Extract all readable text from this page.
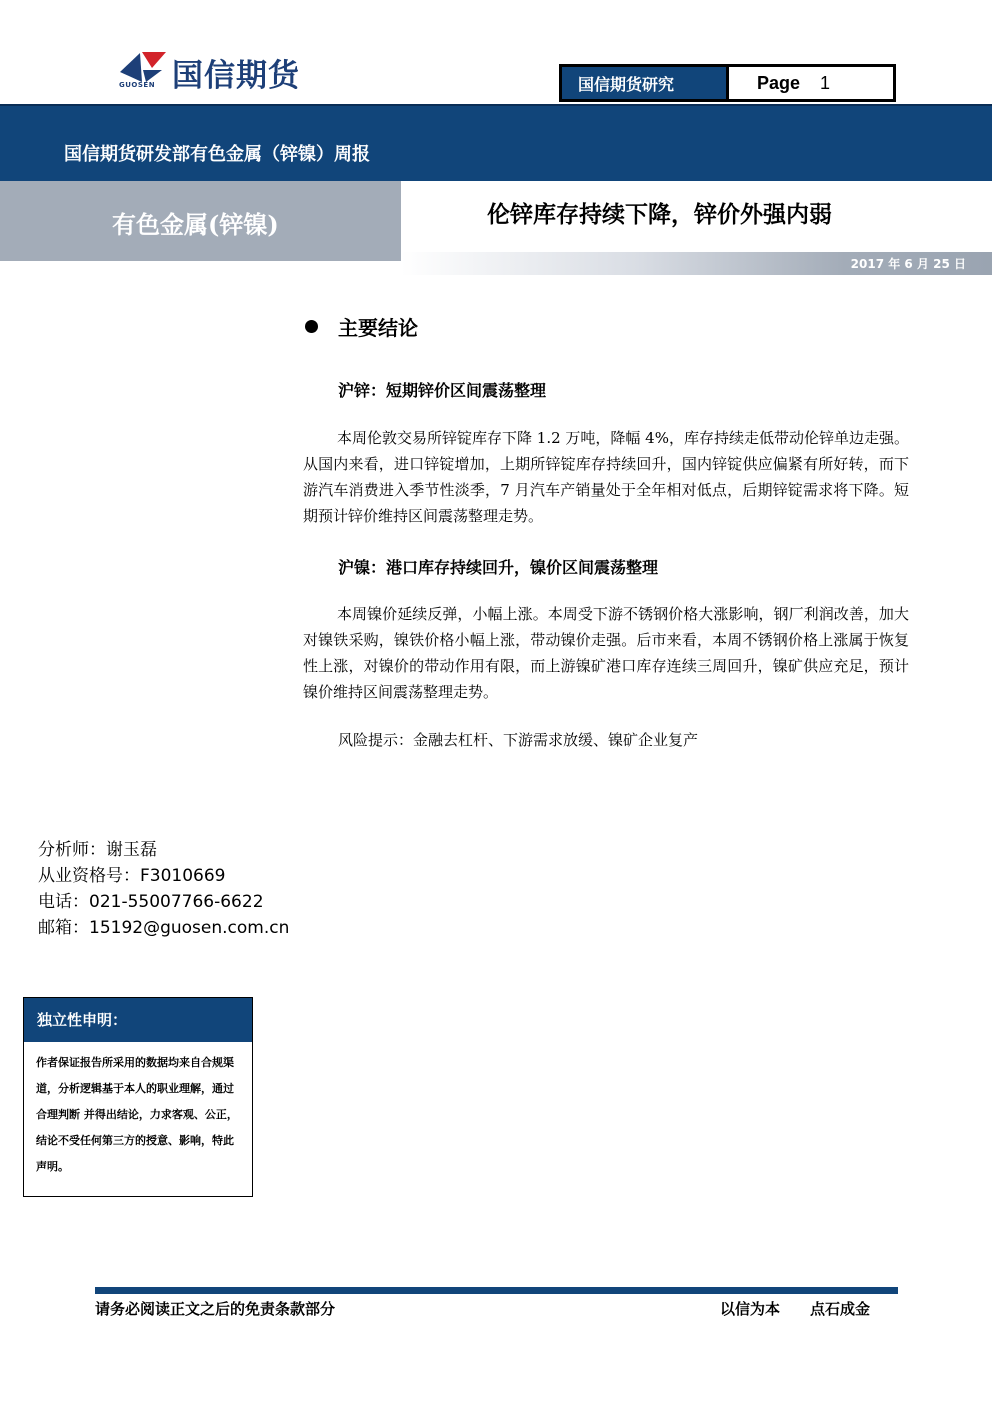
国信期货
GUOSEN	国信期货研究	Page 1
国信期货研发部有色金属（锌镍）周报
有色金属(锌镍)	伦锌库存持续下降，锌价外强内弱
2017 年 6 月 25 日
主要结论
沪锌：短期锌价区间震荡整理
本周伦敦交易所锌锭库存下降 1.2 万吨，降幅 4%，库存持续走低带动伦锌单边走强。从国内来看，进口锌锭增加，上期所锌锭库存持续回升，国内锌锭供应偏紧有所好转，而下游汽车消费进入季节性淡季，7 月汽车产销量处于全年相对低点，后期锌锭需求将下降。短期预计锌价维持区间震荡整理走势。
沪镍：港口库存持续回升，镍价区间震荡整理
本周镍价延续反弹，小幅上涨。本周受下游不锈钢价格大涨影响，钢厂利润改善，加大对镍铁采购，镍铁价格小幅上涨，带动镍价走强。后市来看，本周不锈钢价格上涨属于恢复性上涨，对镍价的带动作用有限，而上游镍矿港口库存连续三周回升，镍矿供应充足，预计镍价维持区间震荡整理走势。
风险提示：金融去杠杆、下游需求放缓、镍矿企业复产
分析师：谢玉磊
从业资格号：F3010669
电话：021-55007766-6622
邮箱：15192@guosen.com.cn
独立性申明：
作者保证报告所采用的数据均来自合规渠道，分析逻辑基于本人的职业理解，通过合理判断 并得出结论，力求客观、公正，结论不受任何第三方的授意、影响，特此声明。
请务必阅读正文之后的免责条款部分	以信为本　　点石成金
